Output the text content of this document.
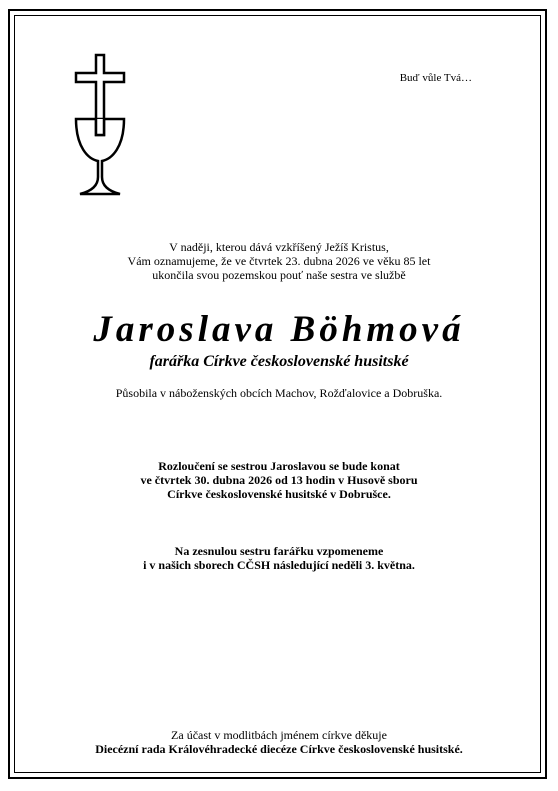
Buď vůle Tvá…
V naději, kterou dává vzkříšený Ježíš Kristus,
Vám oznamujeme, že ve čtvrtek 23. dubna 2026 ve věku 85 let
ukončila svou pozemskou pouť naše sestra ve službě
Jaroslava Böhmová
farářka Církve československé husitské
Působila v náboženských obcích Machov, Rožďalovice a Dobruška.
Rozloučení se sestrou Jaroslavou se bude konat
ve čtvrtek 30. dubna 2026 od 13 hodin v Husově sboru
Církve československé husitské v Dobrušce.
Na zesnulou sestru farářku vzpomeneme
i v našich sborech CČSH následující neděli 3. května.
Za účast v modlitbách jménem církve děkuje
Diecézní rada Královéhradecké diecéze Církve československé husitské.
